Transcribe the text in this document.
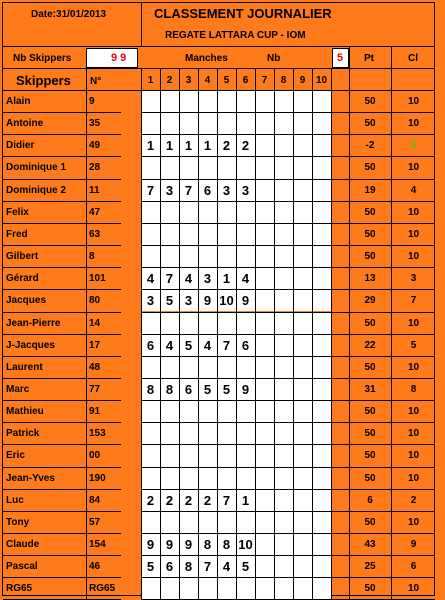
Date:31/01/2013	CLASSEMENT JOURNALIER
REGATE LATTARA CUP - IOM
Nb Skippers	9 9	Manches	Nb	5 Pt	Cl
Skippers N°	1	2	3	4	5	6	7	8	9	10
Alain	9	50	10
Antoine	35	50	10
Didier	49	1 1 1 1 2 2	-2	1
Dominique 1 28	50	10
Dominique 2 11	7 3 7 6 3 3	19	4
Felix	47	50	10
Fred	63	50	10
Gilbert	8	50	10
Gérard	101	4 7 4 3 1 4	13	3
Jacques	80	3 5 3 9 10 9	29	7
Jean-Pierre	14	50	10
J-Jacques	17	6 4 5 4 7 6	22	5
Laurent	48	50	10
Marc	77	8 8 6 5 5 9	31	8
Mathieu	91	50	10
Patrick	153	50	10
Eric	00	50	10
Jean-Yves	190	50	10
Luc	84	2 2 2 2 7 1	6	2
Tony	57	50	10
Claude	154	9 9 9 8 8 10	43	9
Pascal	46	5 6 8 7 4 5	25	6
RG65	RG65	50	10
